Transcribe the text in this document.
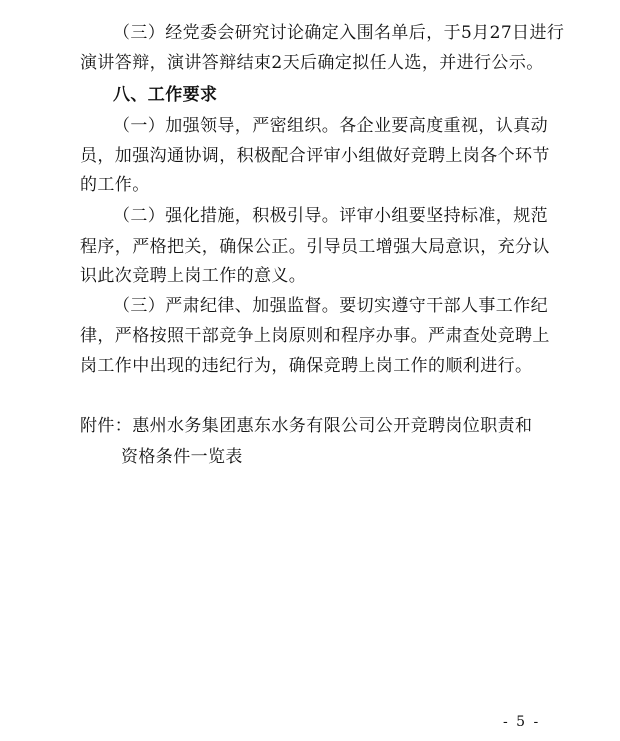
（三）经党委会研究讨论确定入围名单后，于5月27日进行
演讲答辩，演讲答辩结束2天后确定拟任人选，并进行公示。
八、工作要求
（一）加强领导，严密组织。各企业要高度重视，认真动
员，加强沟通协调，积极配合评审小组做好竞聘上岗各个环节
的工作。
（二）强化措施，积极引导。评审小组要坚持标准，规范
程序，严格把关，确保公正。引导员工增强大局意识，充分认
识此次竞聘上岗工作的意义。
（三）严肃纪律、加强监督。要切实遵守干部人事工作纪
律，严格按照干部竞争上岗原则和程序办事。严肃查处竞聘上
岗工作中出现的违纪行为，确保竞聘上岗工作的顺利进行。
附件：惠州水务集团惠东水务有限公司公开竞聘岗位职责和
资格条件一览表
- 5 -
